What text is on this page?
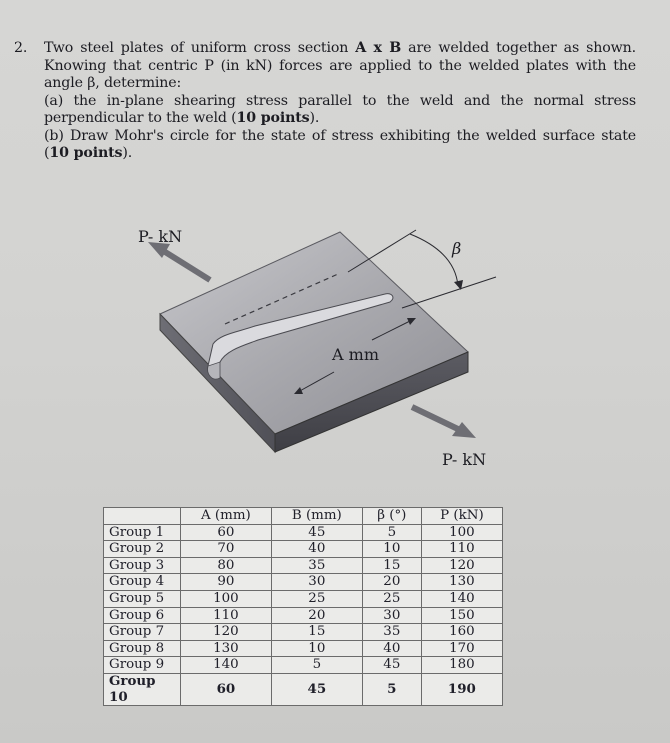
2. Two steel plates of uniform cross section A x B are welded together as shown. Knowing that centric P (in kN) forces are applied to the welded plates with the angle β, determine:

(a) the in-plane shearing stress parallel to the weld and the normal stress perpendicular to the weld (10 points).

(b) Draw Mohr's circle for the state of stress exhibiting the welded surface state (10 points).

P- kN
P- kN
β
A mm
	A (mm)	B (mm)	β (°)	P (kN)
Group 1	60	45	5	100
Group 2	70	40	10	110
Group 3	80	35	15	120
Group 4	90	30	20	130
Group 5	100	25	25	140
Group 6	110	20	30	150
Group 7	120	15	35	160
Group 8	130	10	40	170
Group 9	140	5	45	180
Group 10	60	45	5	190
